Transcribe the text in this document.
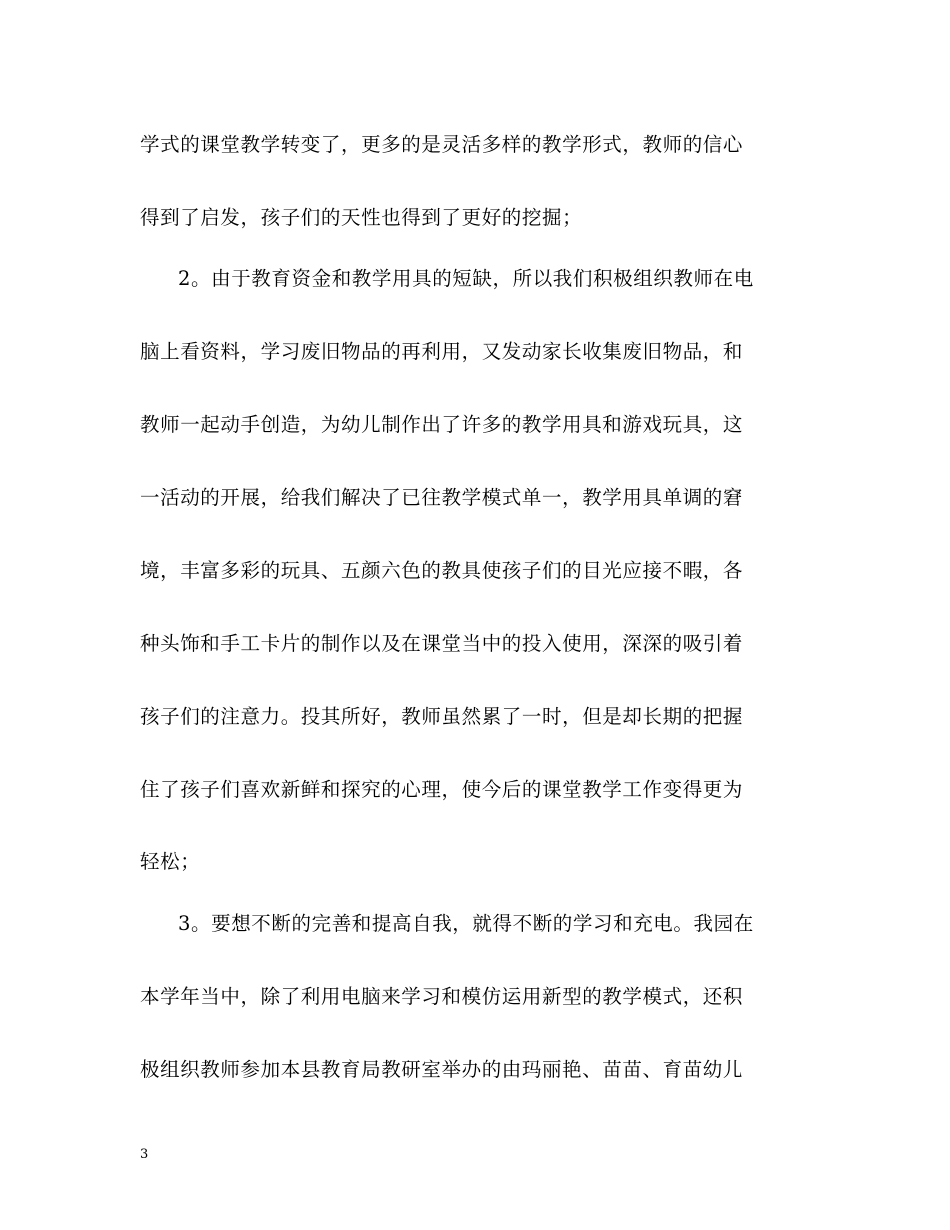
学式的课堂教学转变了，更多的是灵活多样的教学形式，教师的信心
得到了启发，孩子们的天性也得到了更好的挖掘；
2。由于教育资金和教学用具的短缺，所以我们积极组织教师在电
脑上看资料，学习废旧物品的再利用，又发动家长收集废旧物品，和
教师一起动手创造，为幼儿制作出了许多的教学用具和游戏玩具，这
一活动的开展，给我们解决了已往教学模式单一，教学用具单调的窘
境，丰富多彩的玩具、五颜六色的教具使孩子们的目光应接不暇，各
种头饰和手工卡片的制作以及在课堂当中的投入使用，深深的吸引着
孩子们的注意力。投其所好，教师虽然累了一时，但是却长期的把握
住了孩子们喜欢新鲜和探究的心理，使今后的课堂教学工作变得更为
轻松；
3。要想不断的完善和提高自我，就得不断的学习和充电。我园在
本学年当中，除了利用电脑来学习和模仿运用新型的教学模式，还积
极组织教师参加本县教育局教研室举办的由玛丽艳、苗苗、育苗幼儿
3
